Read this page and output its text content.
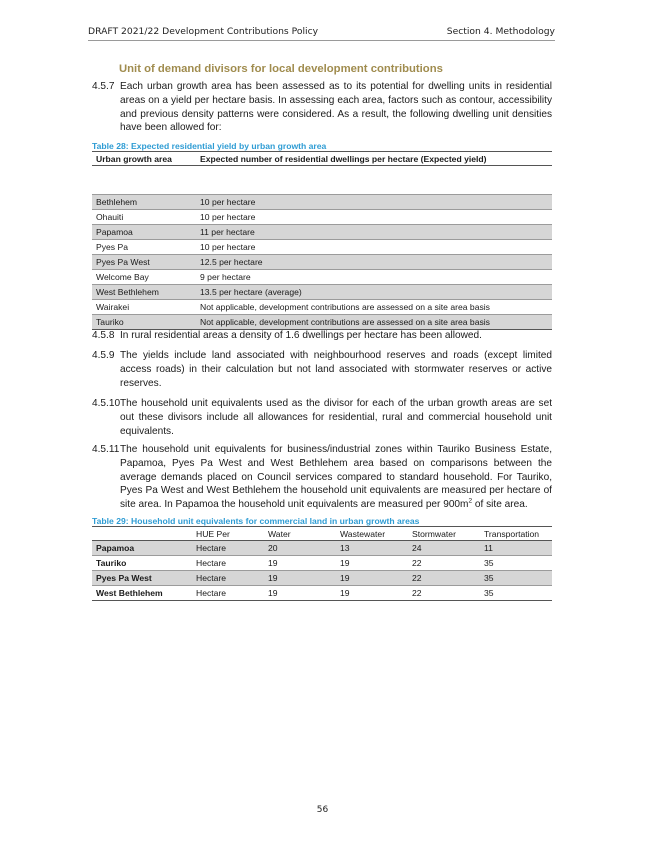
DRAFT 2021/22 Development Contributions Policy	Section 4. Methodology
Unit of demand divisors for local development contributions
4.5.7 Each urban growth area has been assessed as to its potential for dwelling units in residential areas on a yield per hectare basis. In assessing each area, factors such as contour, accessibility and previous density patterns were considered. As a result, the following dwelling unit densities have been allowed for:
Table 28: Expected residential yield by urban growth area
Urban growth area	Expected number of residential dwellings per hectare (Expected yield)

Bethlehem	10 per hectare
Ohauiti	10 per hectare
Papamoa	11 per hectare
Pyes Pa	10 per hectare
Pyes Pa West	12.5 per hectare
Welcome Bay	9 per hectare
West Bethlehem	13.5 per hectare (average)
Wairakei	Not applicable, development contributions are assessed on a site area basis
Tauriko	Not applicable, development contributions are assessed on a site area basis
4.5.8 In rural residential areas a density of 1.6 dwellings per hectare has been allowed.
4.5.9 The yields include land associated with neighbourhood reserves and roads (except limited access roads) in their calculation but not land associated with stormwater reserves or active reserves.
4.5.10 The household unit equivalents used as the divisor for each of the urban growth areas are set out these divisors include all allowances for residential, rural and commercial household unit equivalents.
4.5.11 The household unit equivalents for business/industrial zones within Tauriko Business Estate, Papamoa, Pyes Pa West and West Bethlehem area based on comparisons between the average demands placed on Council services compared to standard household. For Tauriko, Pyes Pa West and West Bethlehem the household unit equivalents are measured per hectare of site area. In Papamoa the household unit equivalents are measured per $900m^2$ of site area.
Table 29: Household unit equivalents for commercial land in urban growth areas
	HUE Per	Water	Wastewater	Stormwater	Transportation
Papamoa	Hectare	20	13	24	11
Tauriko	Hectare	19	19	22	35
Pyes Pa West	Hectare	19	19	22	35
West Bethlehem	Hectare	19	19	22	35
56
